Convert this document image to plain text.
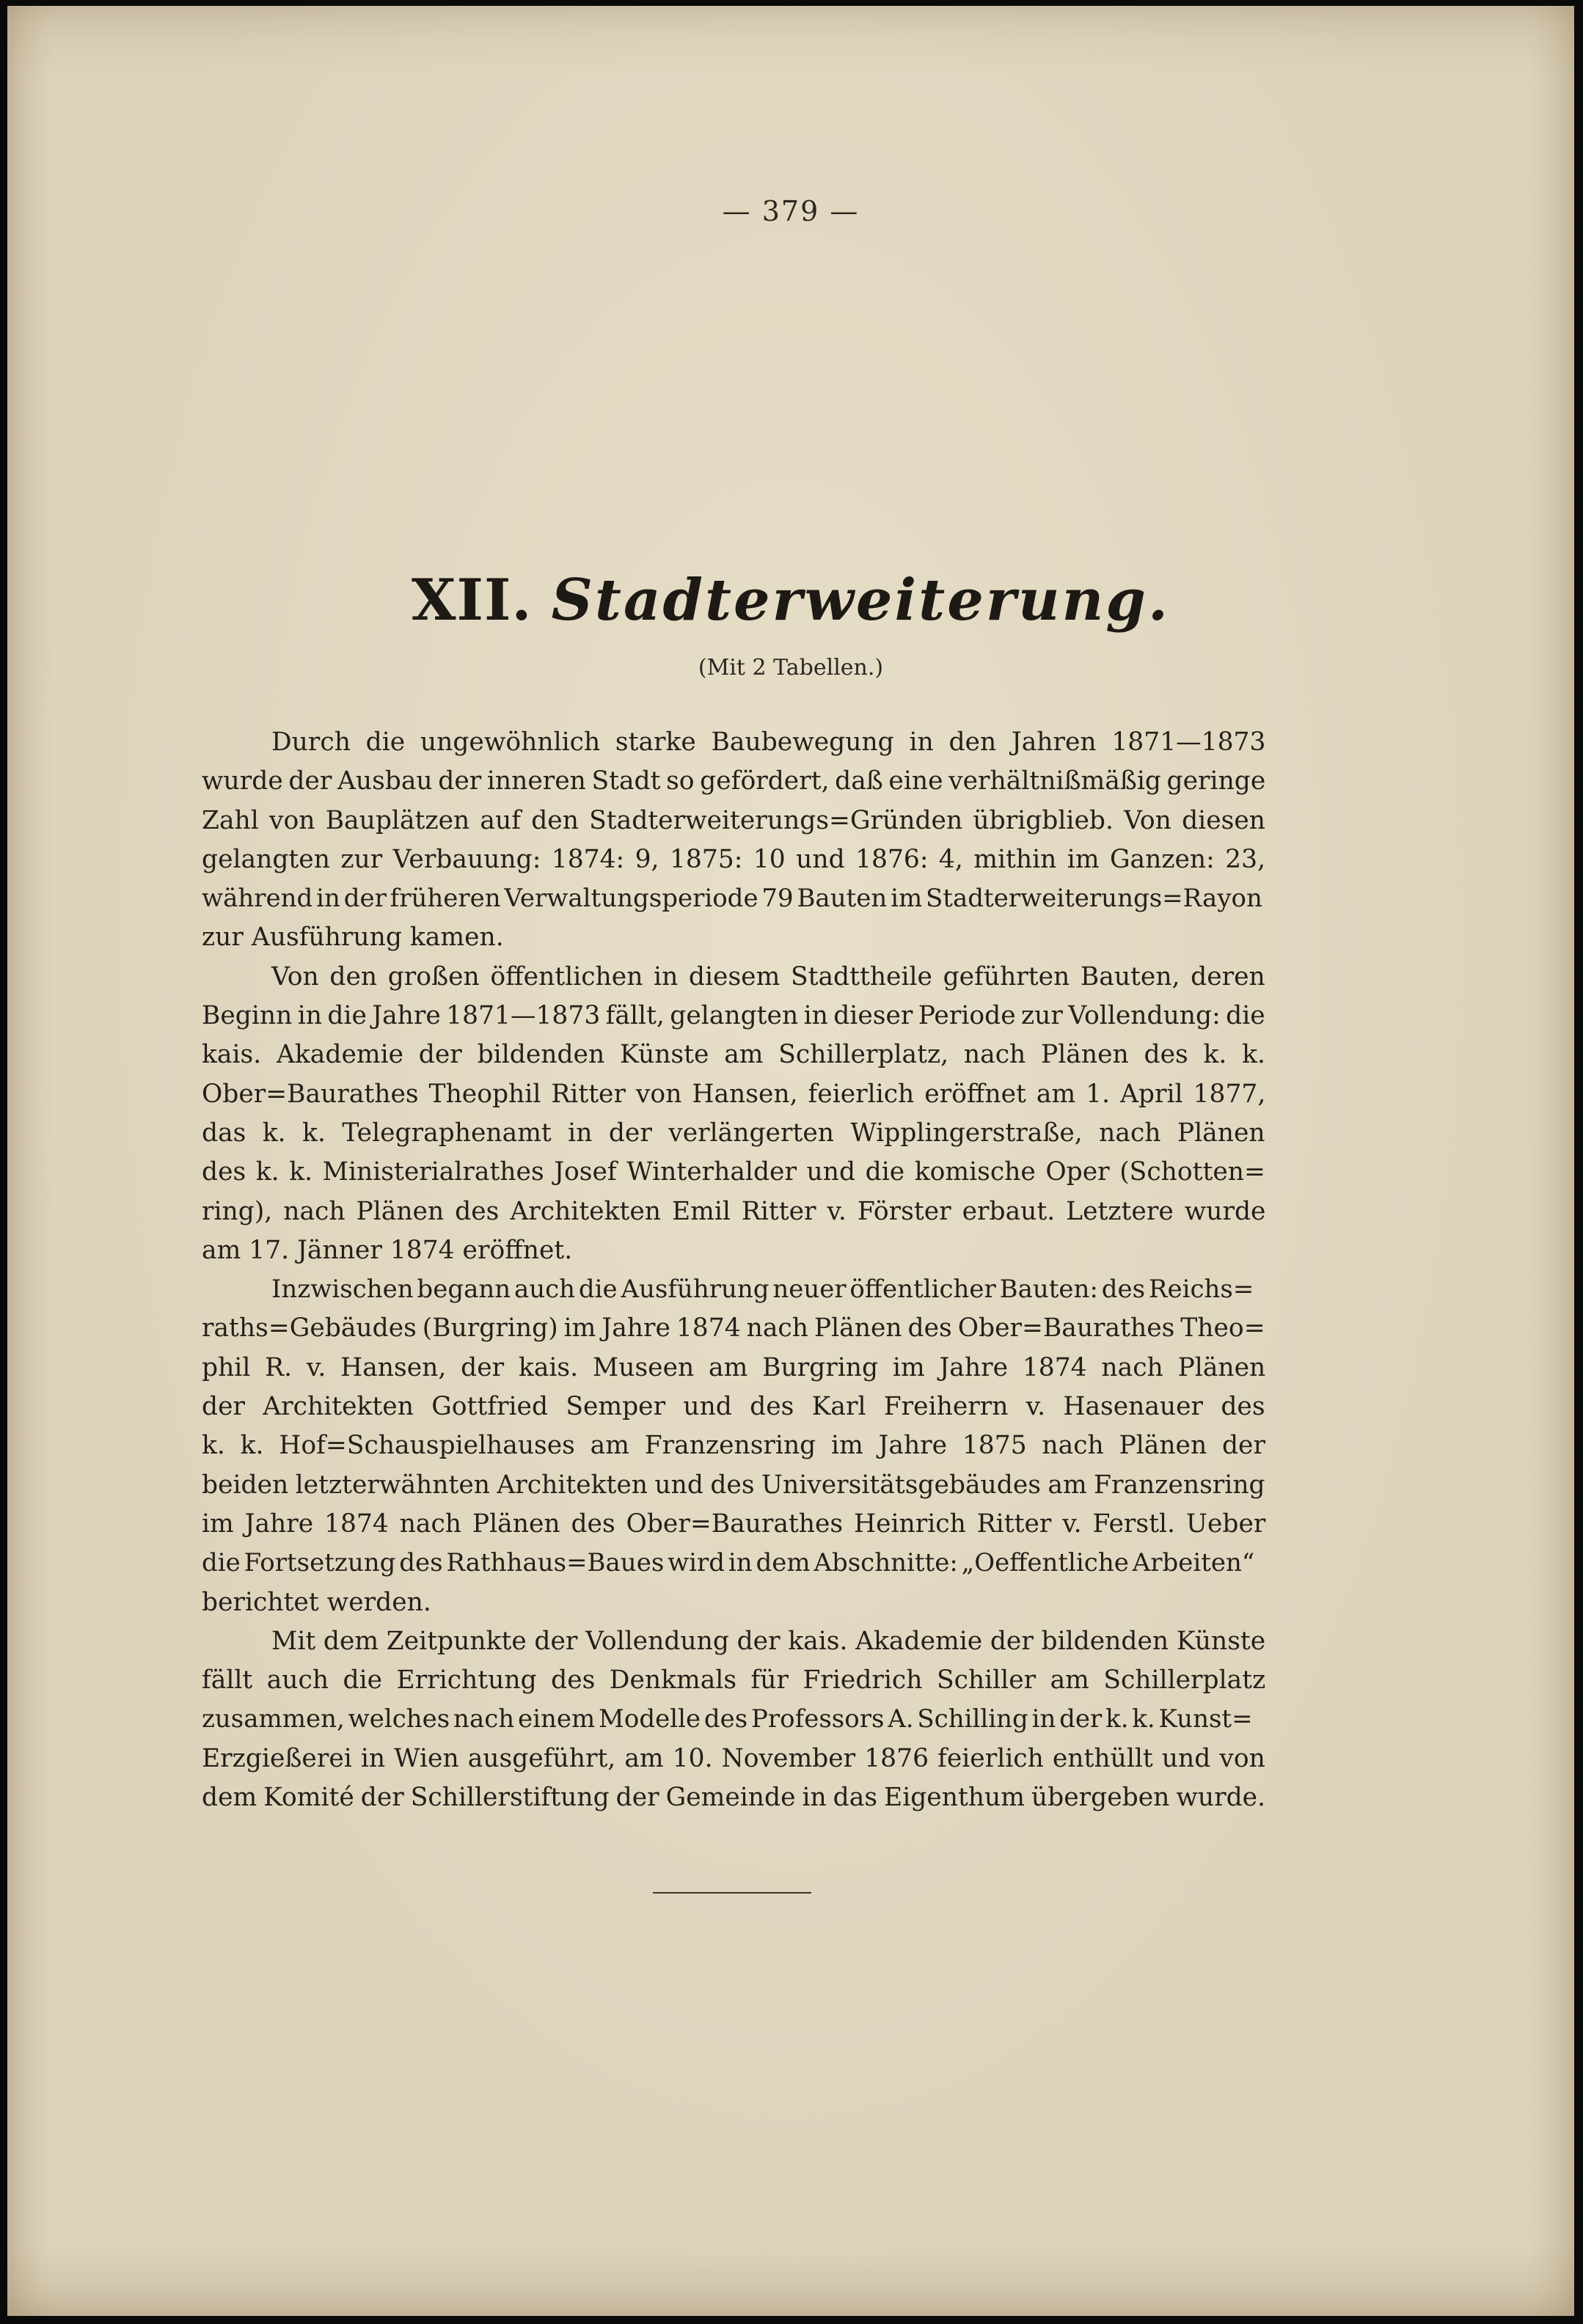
— 379 —
XII. Stadterweiterung.
(Mit 2 Tabellen.)
Durch die ungewöhnlich starke Baubewegung in den Jahren 1871—1873
wurde der Ausbau der inneren Stadt so gefördert, daß eine verhältnißmäßig geringe
Zahl von Bauplätzen auf den Stadterweiterungs=Gründen übrigblieb. Von diesen
gelangten zur Verbauung: 1874: 9, 1875: 10 und 1876: 4, mithin im Ganzen: 23,
während in der früheren Verwaltungsperiode 79 Bauten im Stadterweiterungs=Rayon
zur Ausführung kamen.
Von den großen öffentlichen in diesem Stadttheile geführten Bauten, deren
Beginn in die Jahre 1871—1873 fällt, gelangten in dieser Periode zur Vollendung: die
kais. Akademie der bildenden Künste am Schillerplatz, nach Plänen des k. k.
Ober=Baurathes Theophil Ritter von Hansen, feierlich eröffnet am 1. April 1877,
das k. k. Telegraphenamt in der verlängerten Wipplingerstraße, nach Plänen
des k. k. Ministerialrathes Josef Winterhalder und die komische Oper (Schotten=
ring), nach Plänen des Architekten Emil Ritter v. Förster erbaut. Letztere wurde
am 17. Jänner 1874 eröffnet.
Inzwischen begann auch die Ausführung neuer öffentlicher Bauten: des Reichs=
raths=Gebäudes (Burgring) im Jahre 1874 nach Plänen des Ober=Baurathes Theo=
phil R. v. Hansen, der kais. Museen am Burgring im Jahre 1874 nach Plänen
der Architekten Gottfried Semper und des Karl Freiherrn v. Hasenauer des
k. k. Hof=Schauspielhauses am Franzensring im Jahre 1875 nach Plänen der
beiden letzterwähnten Architekten und des Universitätsgebäudes am Franzensring
im Jahre 1874 nach Plänen des Ober=Baurathes Heinrich Ritter v. Ferstl. Ueber
die Fortsetzung des Rathhaus=Baues wird in dem Abschnitte: „Oeffentliche Arbeiten“
berichtet werden.
Mit dem Zeitpunkte der Vollendung der kais. Akademie der bildenden Künste
fällt auch die Errichtung des Denkmals für Friedrich Schiller am Schillerplatz
zusammen, welches nach einem Modelle des Professors A. Schilling in der k. k. Kunst=
Erzgießerei in Wien ausgeführt, am 10. November 1876 feierlich enthüllt und von
dem Komité der Schillerstiftung der Gemeinde in das Eigenthum übergeben wurde.
